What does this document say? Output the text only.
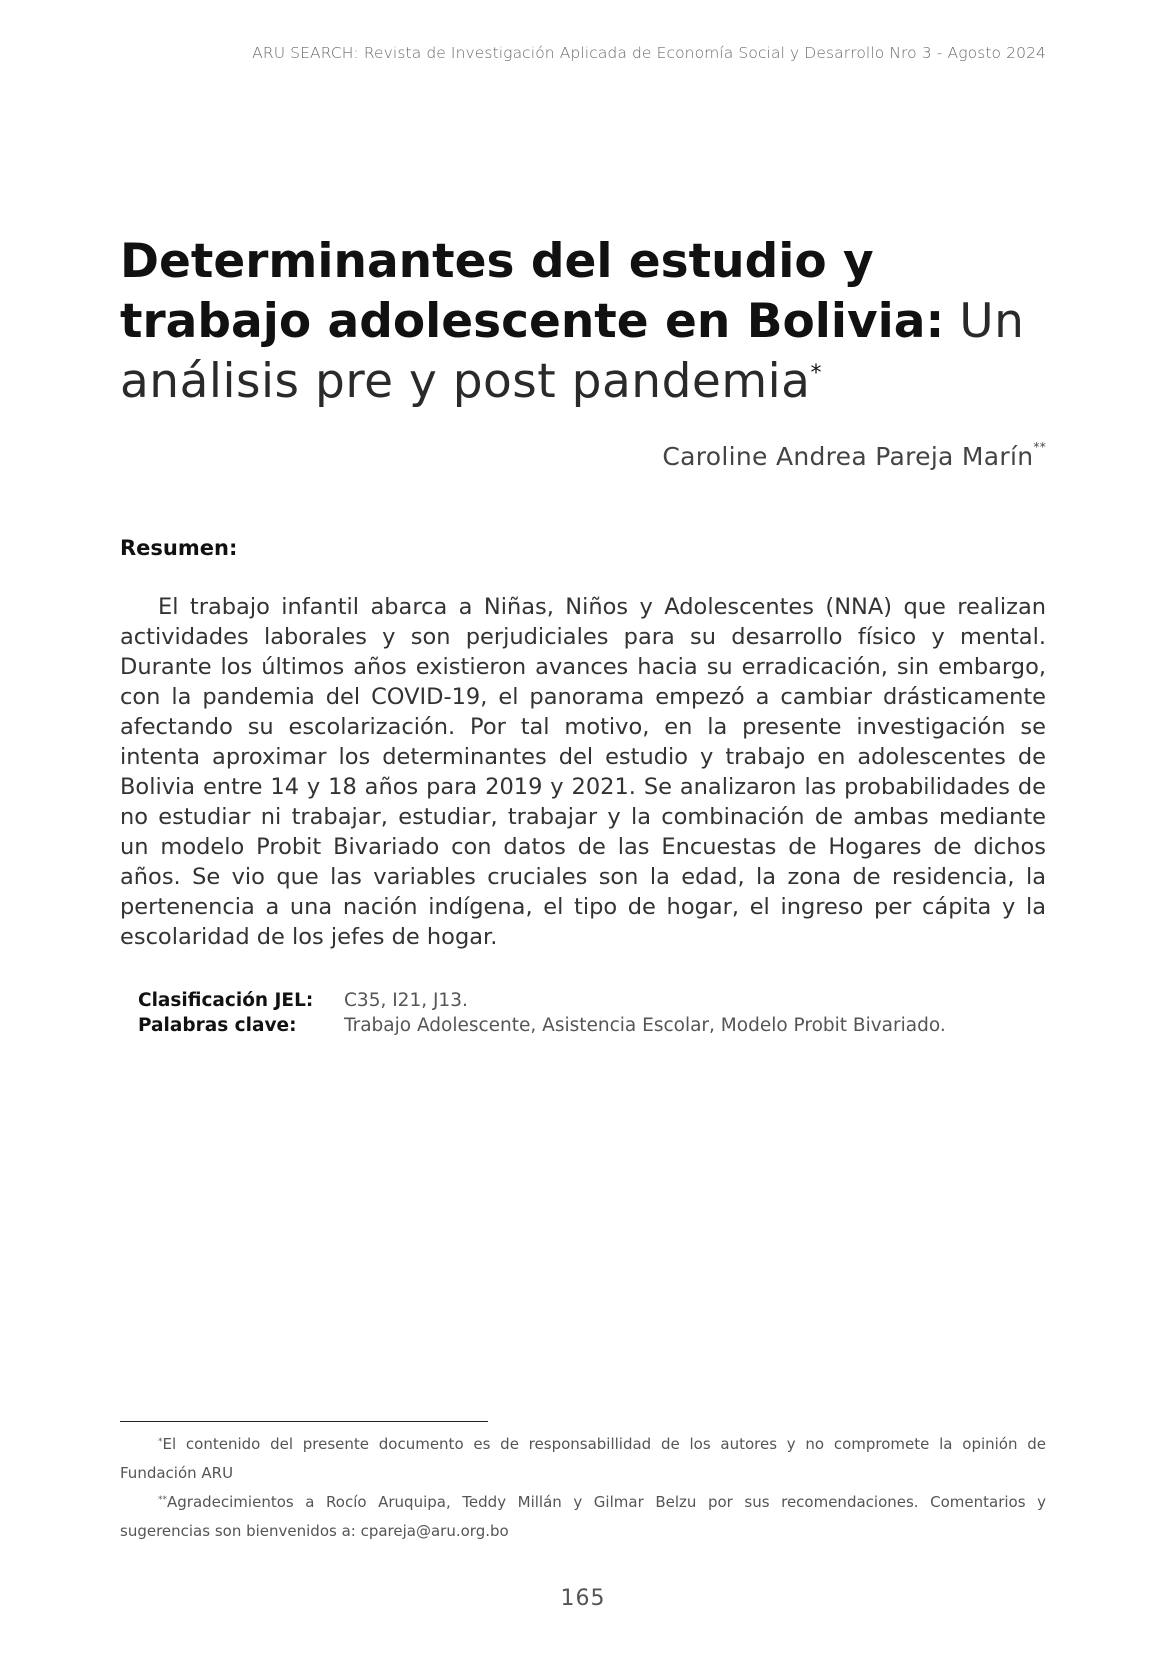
ARU SEARCH: Revista de Investigación Aplicada de Economía Social y Desarrollo Nro 3 - Agosto 2024
Determinantes del estudio y trabajo adolescente en Bolivia: Un análisis pre y post pandemia*
Caroline Andrea Pareja Marín**
Resumen:

El trabajo infantil abarca a Niñas, Niños y Adolescentes (NNA) que realizan actividades laborales y son perjudiciales para su desarrollo físico y mental. Durante los últimos años existieron avances hacia su erradicación, sin embargo, con la pandemia del COVID-19, el panorama empezó a cambiar drásticamente afectando su escolarización. Por tal motivo, en la presente investigación se intenta aproximar los determinantes del estudio y trabajo en adolescentes de Bolivia entre 14 y 18 años para 2019 y 2021. Se analizaron las probabilidades de no estudiar ni trabajar, estudiar, trabajar y la combinación de ambas mediante un modelo Probit Bivariado con datos de las Encuestas de Hogares de dichos años. Se vio que las variables cruciales son la edad, la zona de residencia, la pertenencia a una nación indígena, el tipo de hogar, el ingreso per cápita y la escolaridad de los jefes de hogar.

Clasificación JEL:	C35, I21, J13.
Palabras clave:	Trabajo Adolescente, Asistencia Escolar, Modelo Probit Bivariado.

*El contenido del presente documento es de responsabillidad de los autores y no compromete la opinión de Fundación ARU

**Agradecimientos a Rocío Aruquipa, Teddy Millán y Gilmar Belzu por sus recomendaciones. Comentarios y sugerencias son bienvenidos a: cpareja@aru.org.bo

165
